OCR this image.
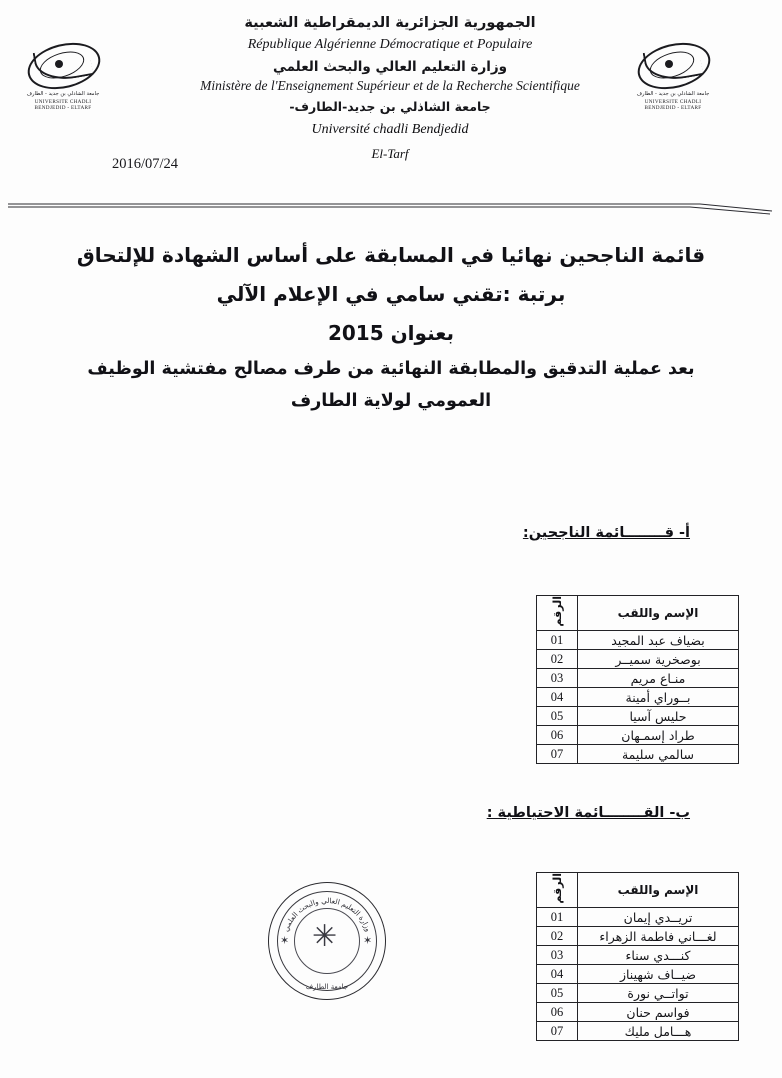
جامعة الشاذلي بن جديد - الطارف
UNIVERSITE CHADLI BENDJEDID - ELTARF
جامعة الشاذلي بن جديد - الطارف
UNIVERSITE CHADLI BENDJEDID - ELTARF
الجمهورية الجزائرية الديمقراطية الشعبية
République Algérienne Démocratique et Populaire
وزارة التعليم العالي والبحث العلمي
Ministère de l'Enseignement Supérieur et de la Recherche Scientifique
جامعة الشاذلي بن جديد-الطارف-
Université chadli Bendjedid
El-Tarf
2016/07/24
قائمة الناجحين نهائيا في المسابقة على أساس الشهادة للإلتحاق
برتبة :تقني سامي في الإعلام الآلي
بعنوان 2015
بعد عملية التدقيق والمطابقة النهائية من طرف مصالح مفتشية الوظيف
العمومي لولاية الطارف
أ- قــــــــائمة الناجحين:
الإسم واللقب	الرقم
بضياف عبد المجيد	01
بوصخرية سميــر	02
منـاع مريم	03
بــوراي أمينة	04
حليس آسيا	05
طراد إسمـهان	06
سالمي سليمة	07
ب- القــــــــائمة الاحتياطية :
الإسم واللقب	الرقم
تريــدي إيمان	01
لغـــاني فاطمة الزهراء	02
كنـــدي سناء	03
ضيــاف شهيناز	04
تواتــي نورة	05
فواسم حنان	06
هـــامل مليك	07
وزارة التعليم العالي والبحث العلمي
✳
✶	✶
جامعة الطارف
